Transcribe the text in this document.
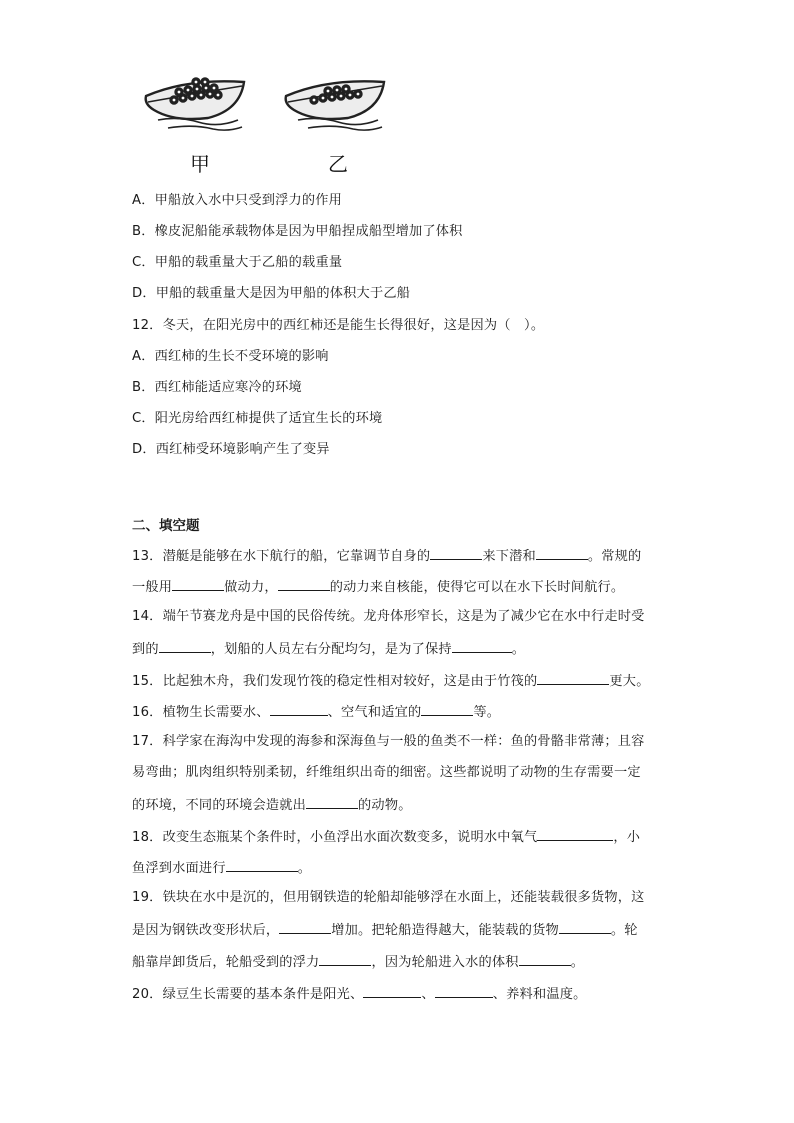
甲	乙
A．甲船放入水中只受到浮力的作用
B．橡皮泥船能承载物体是因为甲船捏成船型增加了体积
C．甲船的载重量大于乙船的载重量
D．甲船的载重量大是因为甲船的体积大于乙船
12．冬天，在阳光房中的西红柿还是能生长得很好，这是因为（　）。
A．西红柿的生长不受环境的影响
B．西红柿能适应寒冷的环境
C．阳光房给西红柿提供了适宜生长的环境
D．西红柿受环境影响产生了变异
二、填空题
13．潜艇是能够在水下航行的船，它靠调节自身的	来下潜和	。常规的
一般用	做动力，	的动力来自核能，使得它可以在水下长时间航行。
14．端午节赛龙舟是中国的民俗传统。龙舟体形窄长，这是为了减少它在水中行走时受
到的	，划船的人员左右分配均匀，是为了保持	。
15．比起独木舟，我们发现竹筏的稳定性相对较好，这是由于竹筏的	更大。
16．植物生长需要水、	、空气和适宜的	等。
17．科学家在海沟中发现的海参和深海鱼与一般的鱼类不一样：鱼的骨骼非常薄；且容
易弯曲；肌肉组织特别柔韧，纤维组织出奇的细密。这些都说明了动物的生存需要一定
的环境，不同的环境会造就出	的动物。
18．改变生态瓶某个条件时，小鱼浮出水面次数变多，说明水中氧气	，小
鱼浮到水面进行	。
19．铁块在水中是沉的，但用钢铁造的轮船却能够浮在水面上，还能装载很多货物，这
是因为钢铁改变形状后，	增加。把轮船造得越大，能装载的货物	。轮
船靠岸卸货后，轮船受到的浮力	，因为轮船进入水的体积	。
20．绿豆生长需要的基本条件是阳光、	、	、养料和温度。
